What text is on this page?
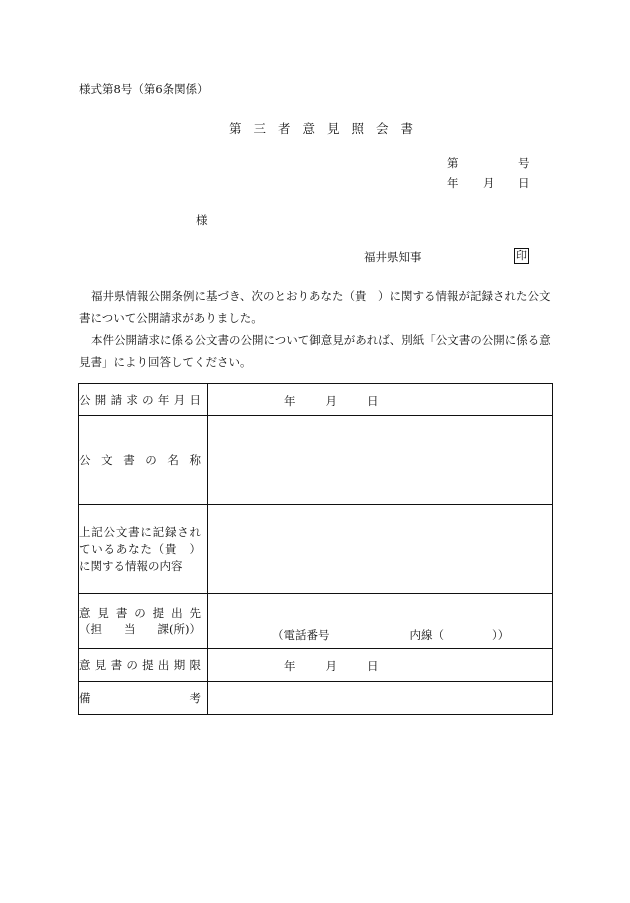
様式第8号（第6条関係）
第三者意見照会書
第	号
年 月 日
様
福井県知事	印
福井県情報公開条例に基づき、次のとおりあなた（貴　）に関する情報が記録された公文書について公開請求がありました。
本件公開請求に係る公文書の公開について御意見があれば、別紙「公文書の公開に係る意見書」により回答してください。
公開請求の年月日	年 月 日

公文書の名称	

上記公文書に記録され
ているあなた（貴　）
に関する情報の内容	

意見書の提出先
（担 当 課(所)）	（電話番号 内線（ ））

意見書の提出期限	年 月 日

備 考	
